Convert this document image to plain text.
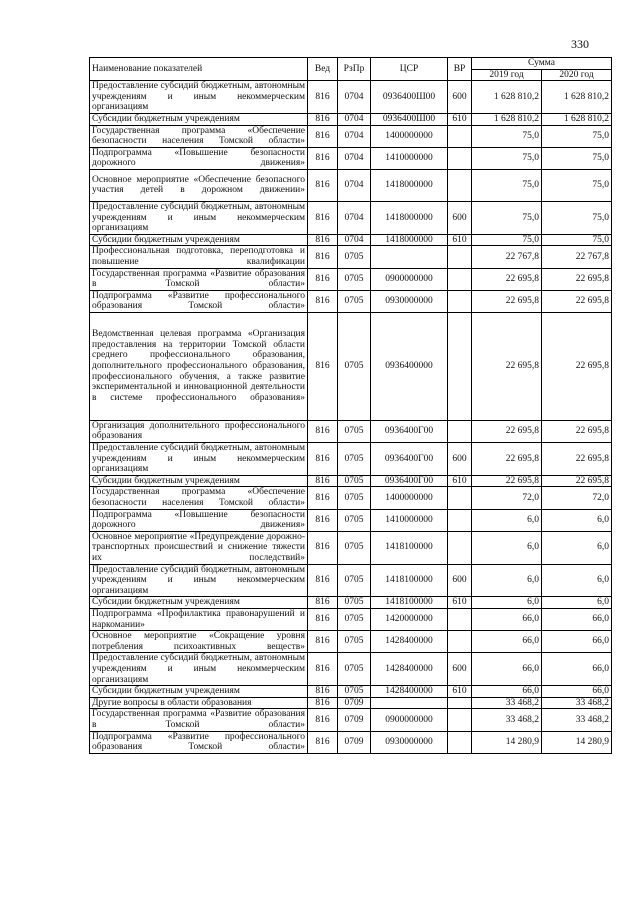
330
Наименование показателей	Вед	РзПр	ЦСР	ВР	Сумма	
					2019 год	2020 год
Предоставление субсидий бюджетным, автономным учреждениям и иным некоммерческим организациям	816	0704	0936400Ш00	600	1 628 810,2	1 628 810,2
Субсидии бюджетным учреждениям	816	0704	0936400Ш00	610	1 628 810,2	1 628 810,2
Государственная программа «Обеспечение безопасности населения Томской области»	816	0704	1400000000		75,0	75,0
Подпрограмма «Повышение безопасности дорожного движения»	816	0704	1410000000		75,0	75,0
Основное мероприятие «Обеспечение безопасного участия детей в дорожном движении»	816	0704	1418000000		75,0	75,0
Предоставление субсидий бюджетным, автономным учреждениям и иным некоммерческим организациям	816	0704	1418000000	600	75,0	75,0
Субсидии бюджетным учреждениям	816	0704	1418000000	610	75,0	75,0
Профессиональная подготовка, переподготовка и повышение квалификации	816	0705			22 767,8	22 767,8
Государственная программа «Развитие образования в Томской области»	816	0705	0900000000		22 695,8	22 695,8
Подпрограмма «Развитие профессионального образования Томской области»	816	0705	0930000000		22 695,8	22 695,8
Ведомственная целевая программа «Организация предоставления на территории Томской области среднего профессионального образования, дополнительного профессионального образования, профессионального обучения, а также развитие экспериментальной и инновационной деятельности в системе профессионального образования»	816	0705	0936400000		22 695,8	22 695,8
Организация дополнительного профессионального образования	816	0705	0936400Г00		22 695,8	22 695,8
Предоставление субсидий бюджетным, автономным учреждениям и иным некоммерческим организациям	816	0705	0936400Г00	600	22 695,8	22 695,8
Субсидии бюджетным учреждениям	816	0705	0936400Г00	610	22 695,8	22 695,8
Государственная программа «Обеспечение безопасности населения Томской области»	816	0705	1400000000		72,0	72,0
Подпрограмма «Повышение безопасности дорожного движения»	816	0705	1410000000		6,0	6,0
Основное мероприятие «Предупреждение дорожно-транспортных происшествий и снижение тяжести их последствий»	816	0705	1418100000		6,0	6,0
Предоставление субсидий бюджетным, автономным учреждениям и иным некоммерческим организациям	816	0705	1418100000	600	6,0	6,0
Субсидии бюджетным учреждениям	816	0705	1418100000	610	6,0	6,0
Подпрограмма «Профилактика правонарушений и наркомании»	816	0705	1420000000		66,0	66,0
Основное мероприятие «Сокращение уровня потребления психоактивных веществ»	816	0705	1428400000		66,0	66,0
Предоставление субсидий бюджетным, автономным учреждениям и иным некоммерческим организациям	816	0705	1428400000	600	66,0	66,0
Субсидии бюджетным учреждениям	816	0705	1428400000	610	66,0	66,0
Другие вопросы в области образования	816	0709			33 468,2	33 468,2
Государственная программа «Развитие образования в Томской области»	816	0709	0900000000		33 468,2	33 468,2
Подпрограмма «Развитие профессионального образования Томской области»	816	0709	0930000000		14 280,9	14 280,9
